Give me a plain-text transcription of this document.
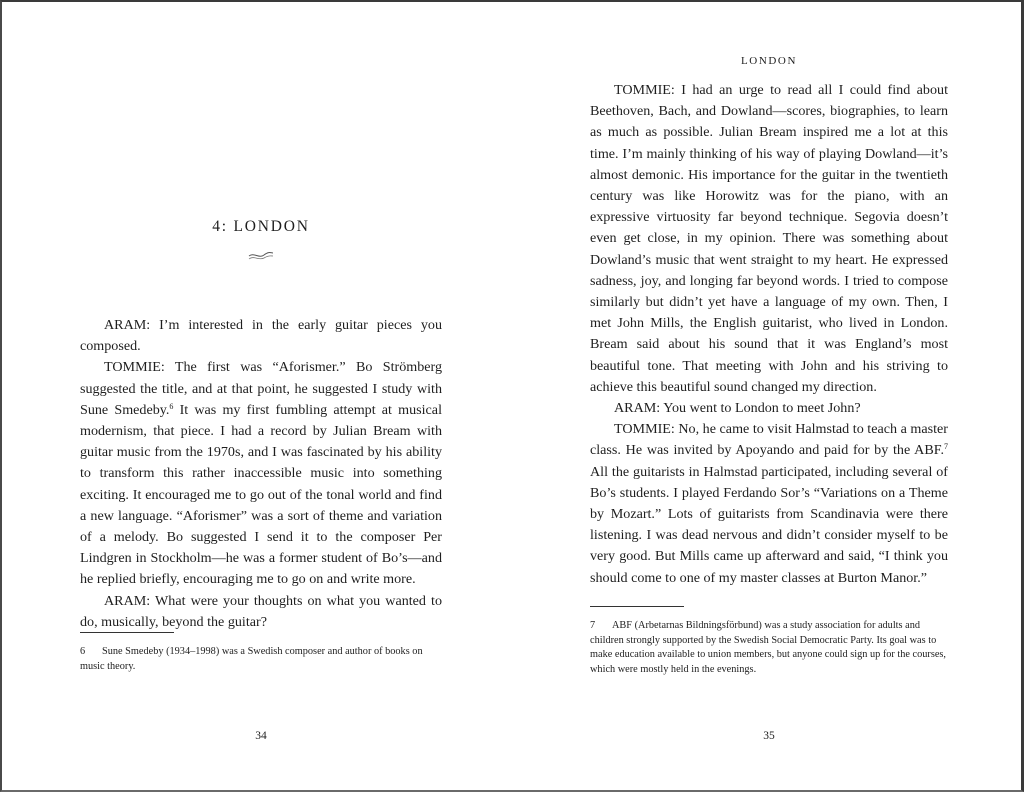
4: LONDON

ARAM: I’m interested in the early guitar pieces you composed.

TOMMIE: The first was “Aforismer.” Bo Strömberg suggested the title, and at that point, he suggested I study with Sune Smedeby.$^6$ It was my first fumbling attempt at musical modernism, that piece. I had a record by Julian Bream with guitar music from the 1970s, and I was fascinated by his ability to transform this rather inaccessible music into something exciting. It encouraged me to go out of the tonal world and find a new language. “Aforismer” was a sort of theme and variation of a melody. Bo suggested I send it to the composer Per Lindgren in Stockholm—he was a former student of Bo’s—and he replied briefly, encouraging me to go on and write more.

ARAM: What were your thoughts on what you wanted to do, musically, beyond the guitar?

6 Sune Smedeby (1934–1998) was a Swedish composer and author of books on music theory.
34
LONDON

TOMMIE: I had an urge to read all I could find about Beethoven, Bach, and Dowland—scores, biographies, to learn as much as possible. Julian Bream inspired me a lot at this time. I’m mainly thinking of his way of playing Dowland—it’s almost demonic. His importance for the guitar in the twentieth century was like Horowitz was for the piano, with an expressive virtuosity far beyond technique. Segovia doesn’t even get close, in my opinion. There was something about Dowland’s music that went straight to my heart. He expressed sadness, joy, and longing far beyond words. I tried to compose similarly but didn’t yet have a language of my own. Then, I met John Mills, the English guitarist, who lived in London. Bream said about his sound that it was England’s most beautiful tone. That meeting with John and his striving to achieve this beautiful sound changed my direction.

ARAM: You went to London to meet John?

TOMMIE: No, he came to visit Halmstad to teach a master class. He was invited by Apoyando and paid for by the ABF.$^7$ All the guitarists in Halmstad participated, including several of Bo’s students. I played Ferdando Sor’s “Variations on a Theme by Mozart.” Lots of guitarists from Scandinavia were there listening. I was dead nervous and didn’t consider myself to be very good. But Mills came up afterward and said, “I think you should come to one of my master classes at Burton Manor.”

7 ABF (Arbetarnas Bildningsförbund) was a study association for adults and children strongly supported by the Swedish Social Democratic Party. Its goal was to make education available to union members, but anyone could sign up for the courses, which were mostly held in the evenings.
35
